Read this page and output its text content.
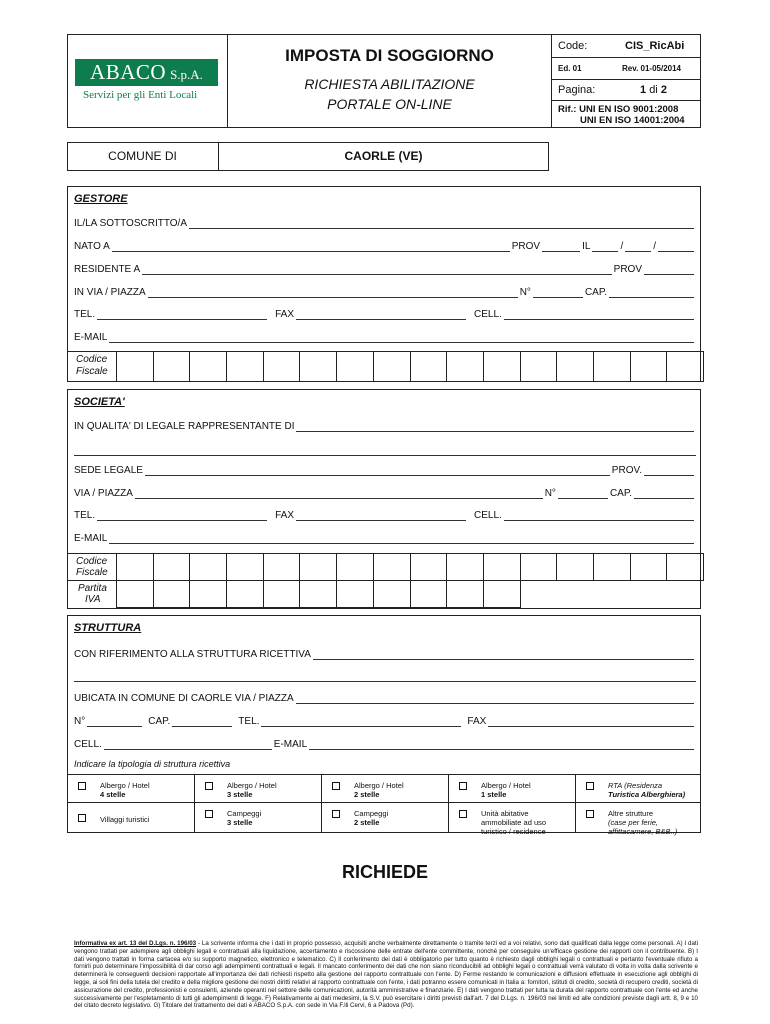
ABACO S.p.A.
Servizi per gli Enti Locali
IMPOSTA DI SOGGIORNO
RICHIESTA ABILITAZIONE
PORTALE ON-LINE
Code:	CIS_RicAbi
Ed. 01	Rev. 01-05/2014
Pagina:	1 di 2
Rif.: UNI EN ISO 9001:2008
UNI EN ISO 14001:2004
COMUNE DI	CAORLE (VE)
GESTORE
IL/LA SOTTOSCRITTO/A
NATO A	PROV	IL	/	/
RESIDENTE A	PROV
IN VIA / PIAZZA	N°	CAP.
TEL.	FAX	CELL.
E-MAIL
Codice
Fiscale
SOCIETA'
IN QUALITA' DI LEGALE RAPPRESENTANTE DI
SEDE LEGALE	PROV.
VIA / PIAZZA	N°	CAP.
TEL.	FAX	CELL.
E-MAIL
Codice
Fiscale
Partita
IVA
STRUTTURA
CON RIFERIMENTO ALLA STRUTTURA RICETTIVA
UBICATA IN COMUNE DI CAORLE VIA / PIAZZA
N°	CAP.	TEL.	FAX
CELL.	E-MAIL
Indicare la tipologia di struttura ricettiva
Albergo / Hotel
4 stelle
Albergo / Hotel
3 stelle
Albergo / Hotel
2 stelle
Albergo / Hotel
1 stelle
RTA (Residenza
Turistica Alberghiera)
Villaggi turistici
Campeggi
3 stelle
Campeggi
2 stelle
Unità abitative
ammobiliate ad uso
turistico / residence
Altre strutture
(case per ferie,
affittacamere, B&B..)
RICHIEDE
Informativa ex art. 13 del D.Lgs. n. 196/03 - La scrivente informa che i dati in proprio possesso, acquisiti anche verbalmente direttamente o tramite terzi ed a voi relativi, sono dati qualificati dalla legge come personali. A) I dati vengono trattati per adempiere agli obblighi legali e contrattuali alla liquidazione, accertamento e riscossione delle entrate dell'ente committente, nonché per conseguire un'efficace gestione dei rapporti con il contribuente. B) I dati vengono trattati in forma cartacea e/o su supporto magnetico, elettronico e telematico. C) Il conferimento dei dati è obbligatorio per tutto quanto è richiesto dagli obblighi legali o contrattuali e pertanto l'eventuale rifiuto a fornirli può determinare l'impossibilità di dar corso agli adempimenti contrattuali e legali. Il mancato conferimento dei dati che non siano riconducibili ad obblighi legali o contrattuali verrà valutato di volta in volta dalla scrivente e determinerà le conseguenti decisioni rapportate all'importanza dei dati richiesti rispetto alla gestione del rapporto contrattuale con l'ente. D) Ferme restando le comunicazioni e diffusioni effettuate in esecuzione agli obblighi di legge, ai soli fini della tutela del credito e della migliore gestione dei nostri diritti relativi al rapporto contrattuale con l'ente, i dati potranno essere comunicati in Italia a: fornitori, istituti di credito, società di recupero crediti, società di assicurazione del credito, professionisti e consulenti, aziende operanti nel settore delle comunicazioni, autorità amministrative e finanziarie. E) I dati vengono trattati per tutta la durata del rapporto contrattuale con l'ente ed anche successivamente per l'espletamento di tutti gli adempimenti di legge. F) Relativamente ai dati medesimi, la S.V. può esercitare i diritti previsti dall'art. 7 del D.Lgs. n. 196/03 nei limiti ed alle condizioni previste dagli artt. 8, 9 e 10 del citato decreto legislativo. G) Titolare del trattamento dei dati è ABACO S.p.A. con sede in Via F.lli Cervi, 6 a Padova (Pd).
